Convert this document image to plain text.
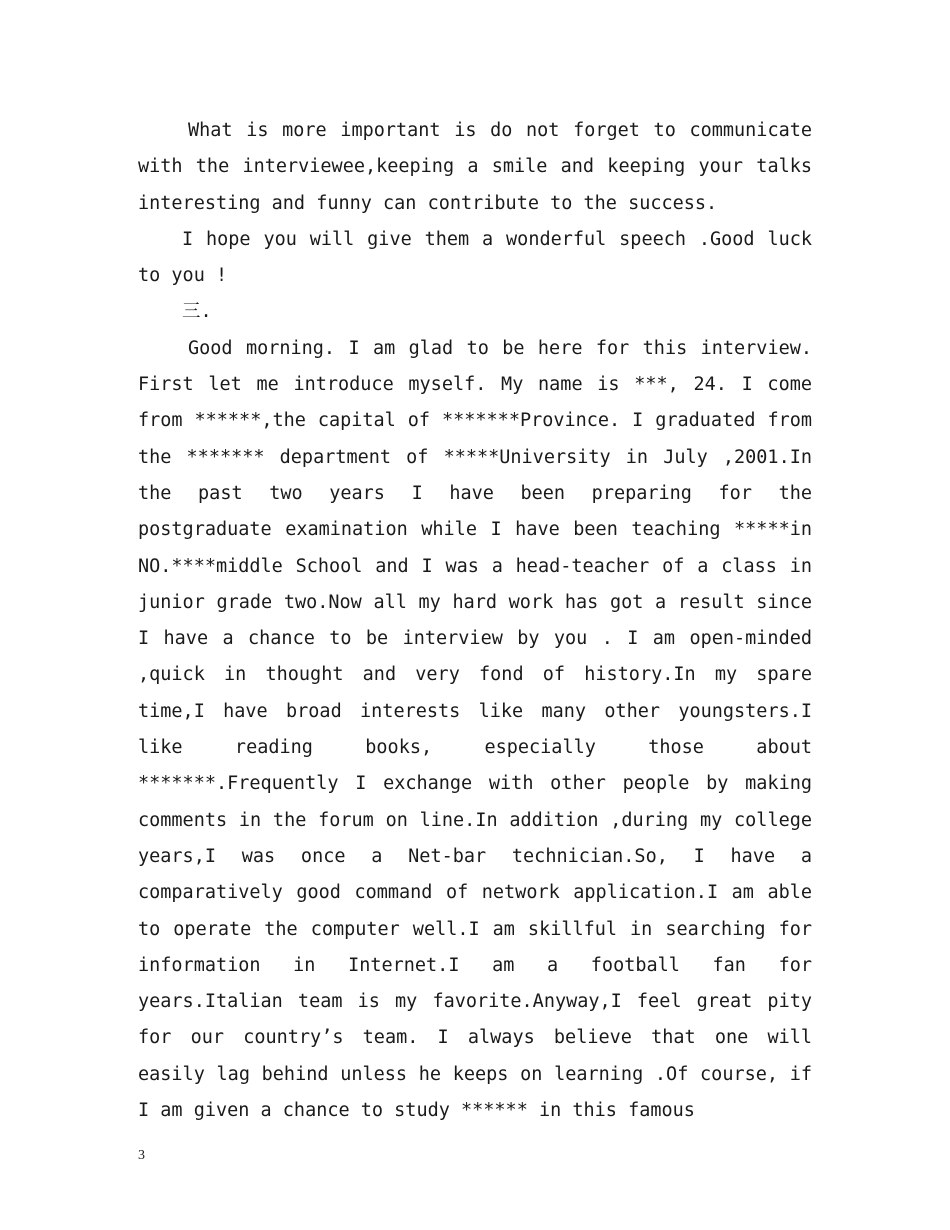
What is more important is do not forget to communicate with the interviewee,keeping a smile and keeping your talks interesting and funny can contribute to the success.

I hope you will give them a wonderful speech .Good luck to you !

三.

Good morning. I am glad to be here for this interview. First let me introduce myself. My name is ***, 24. I come from ******,the capital of *******Province. I graduated from the ******* department of *****University in July ,2001.In the past two years I have been preparing for the postgraduate examination while I have been teaching *****in NO.****middle School and I was a head-teacher of a class in junior grade two.Now all my hard work has got a result since I have a chance to be interview by you . I am open-minded ,quick in thought and very fond of history.In my spare time,I have broad interests like many other youngsters.I like reading books, especially those about *******.Frequently I exchange with other people by making comments in the forum on line.In addition ,during my college years,I was once a Net-bar technician.So, I have a comparatively good command of network application.I am able to operate the computer well.I am skillful in searching for information in Internet.I am a football fan for years.Italian team is my favorite.Anyway,I feel great pity for our country’s team. I always believe that one will easily lag behind unless he keeps on learning .Of course, if I am given a chance to study ****** in this famous

3
